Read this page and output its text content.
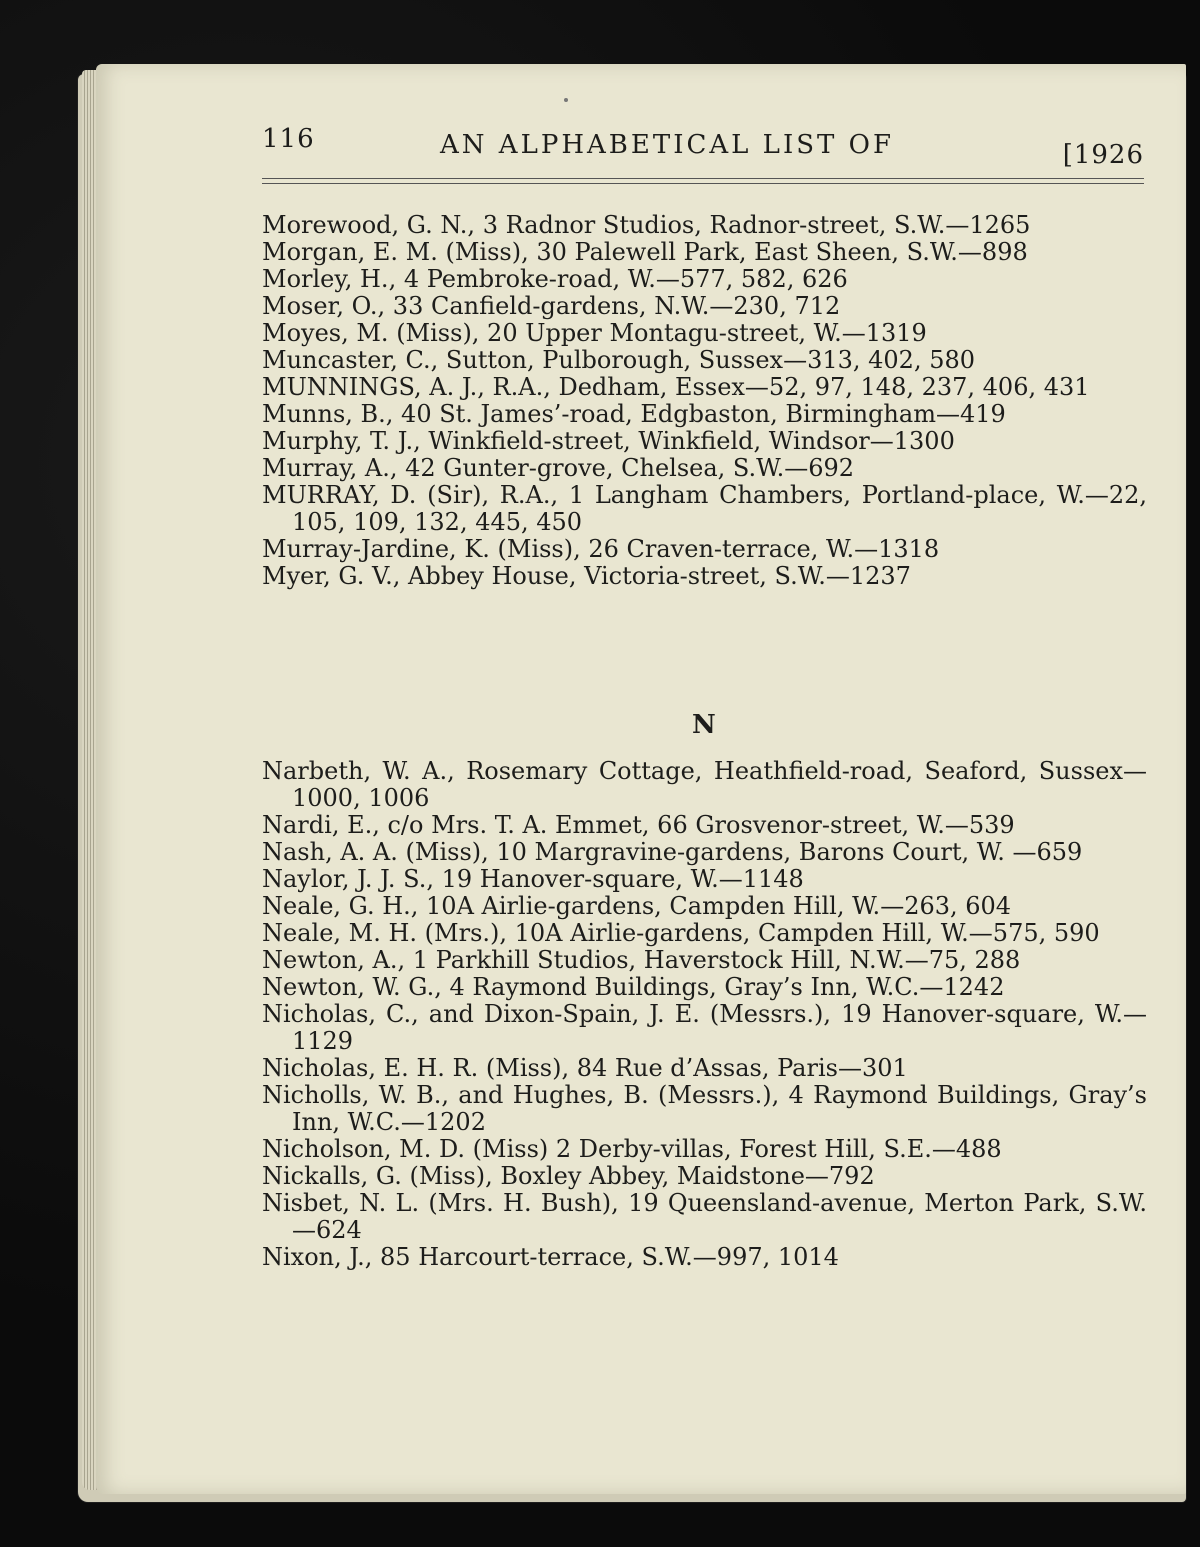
116	AN ALPHABETICAL LIST OF	[1926

Morewood, G. N., 3 Radnor Studios, Radnor-street, S.W.—1265

Morgan, E. M. (Miss), 30 Palewell Park, East Sheen, S.W.—898

Morley, H., 4 Pembroke-road, W.—577, 582, 626

Moser, O., 33 Canfield-gardens, N.W.—230, 712

Moyes, M. (Miss), 20 Upper Montagu-street, W.—1319

Muncaster, C., Sutton, Pulborough, Sussex—313, 402, 580

MUNNINGS, A. J., R.A., Dedham, Essex—52, 97, 148, 237, 406, 431

Munns, B., 40 St. James’-road, Edgbaston, Birmingham—419

Murphy, T. J., Winkfield-street, Winkfield, Windsor—1300

Murray, A., 42 Gunter-grove, Chelsea, S.W.—692

MURRAY, D. (Sir), R.A., 1 Langham Chambers, Portland-place, W.—22, 105, 109, 132, 445, 450

Murray-Jardine, K. (Miss), 26 Craven-terrace, W.—1318

Myer, G. V., Abbey House, Victoria-street, S.W.—1237

N

Narbeth, W. A., Rosemary Cottage, Heathfield-road, Seaford, Sussex—1000, 1006

Nardi, E., c/o Mrs. T. A. Emmet, 66 Grosvenor-street, W.—539

Nash, A. A. (Miss), 10 Margravine-gardens, Barons Court, W. —659

Naylor, J. J. S., 19 Hanover-square, W.—1148

Neale, G. H., 10A Airlie-gardens, Campden Hill, W.—263, 604

Neale, M. H. (Mrs.), 10A Airlie-gardens, Campden Hill, W.—575, 590

Newton, A., 1 Parkhill Studios, Haverstock Hill, N.W.—75, 288

Newton, W. G., 4 Raymond Buildings, Gray’s Inn, W.C.—1242

Nicholas, C., and Dixon-Spain, J. E. (Messrs.), 19 Hanover-square, W.—1129

Nicholas, E. H. R. (Miss), 84 Rue d’Assas, Paris—301

Nicholls, W. B., and Hughes, B. (Messrs.), 4 Raymond Buildings, Gray’s Inn, W.C.—1202

Nicholson, M. D. (Miss) 2 Derby-villas, Forest Hill, S.E.—488

Nickalls, G. (Miss), Boxley Abbey, Maidstone—792

Nisbet, N. L. (Mrs. H. Bush), 19 Queensland-avenue, Merton Park, S.W.—624

Nixon, J., 85 Harcourt-terrace, S.W.—997, 1014
